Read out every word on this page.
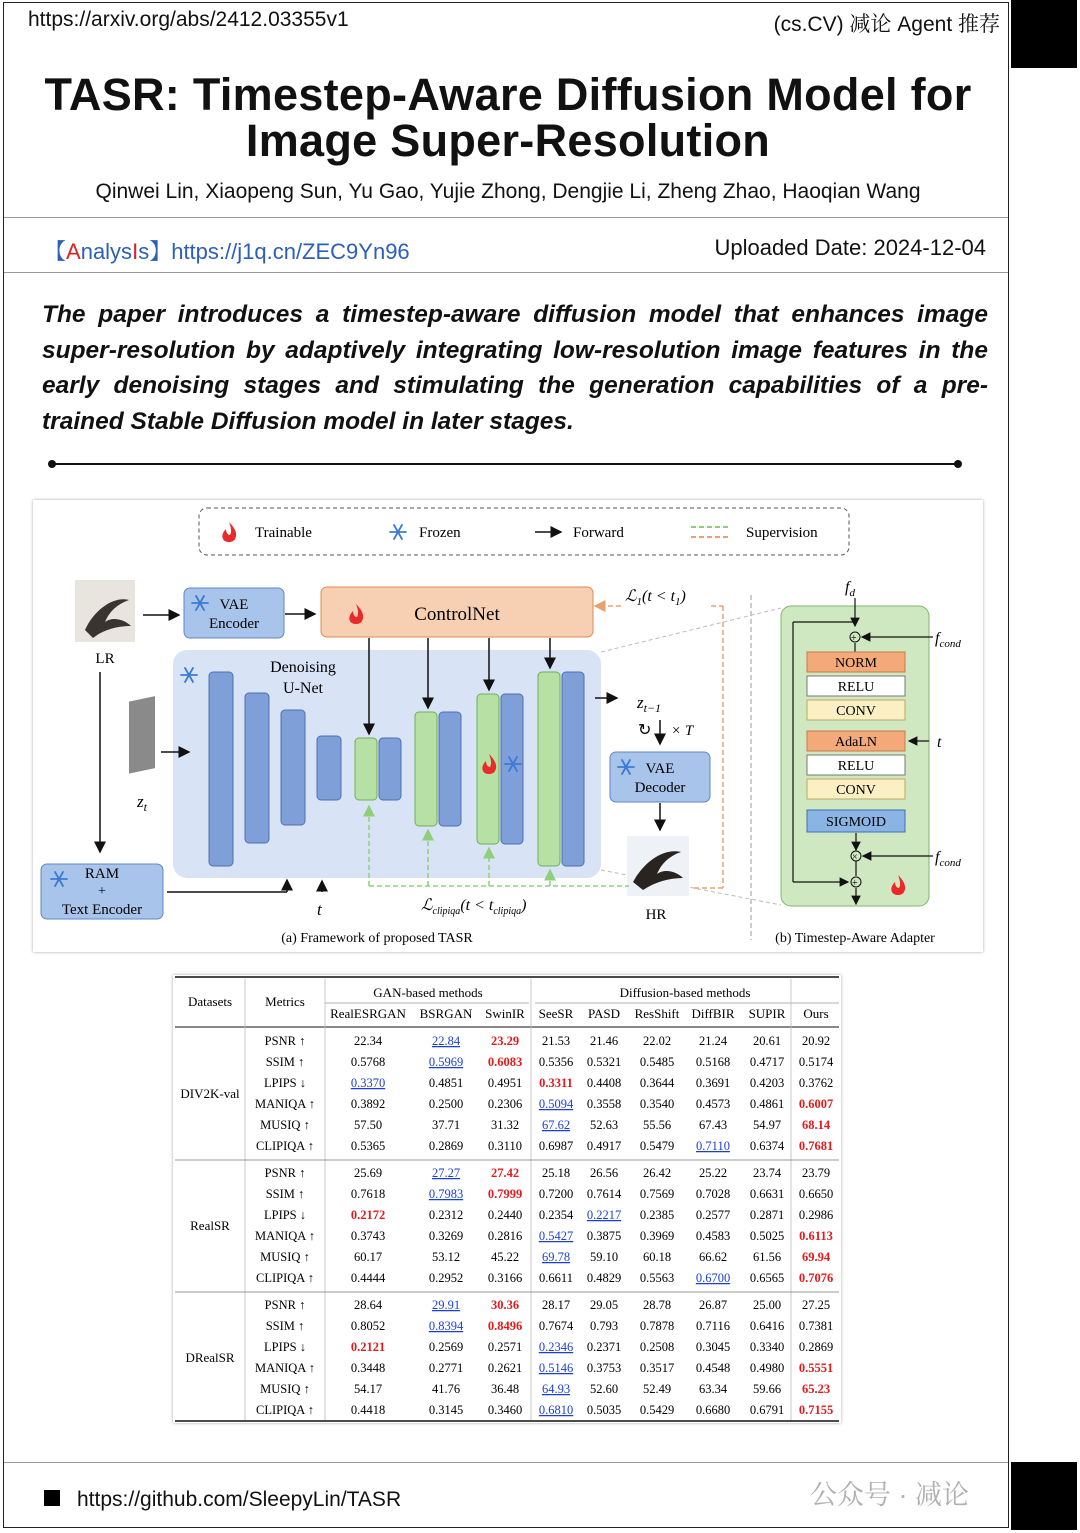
https://arxiv.org/abs/2412.03355v1	(cs.CV) 减论 Agent 推荐
TASR: Timestep-Aware Diffusion Model for
Image Super-Resolution
Qinwei Lin, Xiaopeng Sun, Yu Gao, Yujie Zhong, Dengjie Li, Zheng Zhao, Haoqian Wang
【AnalysIs】https://j1q.cn/ZEC9Yn96	Uploaded Date: 2024-12-04
The paper introduces a timestep-aware diffusion model that enhances image super-resolution by adaptively integrating low-resolution image features in the early denoising stages and stimulating the generation capabilities of a pre-trained Stable Diffusion model in later stages.
Trainable	Frozen	Forward	Supervision
LR
VAE
Encoder	ControlNet
ℒ$_1$(t < $t_1$)
Denoising
U-Net
$z_t$
$z_{t-1}$
↻ × T
VAE
Decoder
HR
RAM
+
Text Encoder	t	ℒ$_{clipiqa}$(t < $t_{clipiqa}$)
(a) Framework of proposed TASR
$f_d$
+	$f_{cond}$
NORM
RELU
CONV
AdaLN	t
RELU
CONV
SIGMOID
×	$f_{cond}$
+
(b) Timestep-Aware Adapter
Datasets	Metrics
GAN-based methods	Diffusion-based methods
RealESRGAN BSRGAN SwinIR SeeSR PASD ResShift DiffBIR SUPIR Ours
DIV2K-val
PSNR ↑	22.34	22.84 23.29 21.53 21.46 22.02 21.24 20.61 20.92
SSIM ↑	0.5768	0.5969 0.6083 0.5356 0.5321 0.5485 0.5168 0.4717 0.5174
LPIPS ↓	0.3370	0.4851 0.4951 0.3311 0.4408 0.3644 0.3691 0.4203 0.3762
MANIQA ↑	0.3892	0.2500 0.2306 0.5094 0.3558 0.3540 0.4573 0.4861 0.6007
MUSIQ ↑	57.50	37.71 31.32 67.62 52.63 55.56 67.43 54.97 68.14
CLIPIQA ↑	0.5365	0.2869 0.3110 0.6987 0.4917 0.5479 0.7110 0.6374 0.7681
RealSR
PSNR ↑	25.69	27.27 27.42 25.18 26.56 26.42 25.22 23.74 23.79
SSIM ↑	0.7618	0.7983 0.7999 0.7200 0.7614 0.7569 0.7028 0.6631 0.6650
LPIPS ↓	0.2172	0.2312 0.2440 0.2354 0.2217 0.2385 0.2577 0.2871 0.2986
MANIQA ↑	0.3743	0.3269 0.2816 0.5427 0.3875 0.3969 0.4583 0.5025 0.6113
MUSIQ ↑	60.17	53.12 45.22 69.78 59.10 60.18 66.62 61.56 69.94
CLIPIQA ↑	0.4444	0.2952 0.3166 0.6611 0.4829 0.5563 0.6700 0.6565 0.7076
DRealSR
PSNR ↑	28.64	29.91 30.36 28.17 29.05 28.78 26.87 25.00 27.25
SSIM ↑	0.8052	0.8394 0.8496 0.7674 0.793 0.7878 0.7116 0.6416 0.7381
LPIPS ↓	0.2121	0.2569 0.2571 0.2346 0.2371 0.2508 0.3045 0.3340 0.2869
MANIQA ↑	0.3448	0.2771 0.2621 0.5146 0.3753 0.3517 0.4548 0.4980 0.5551
MUSIQ ↑	54.17	41.76 36.48 64.93 52.60 52.49 63.34 59.66 65.23
CLIPIQA ↑	0.4418	0.3145 0.3460 0.6810 0.5035 0.5429 0.6680 0.6791 0.7155
https://github.com/SleepyLin/TASR	公众号 · 减论
